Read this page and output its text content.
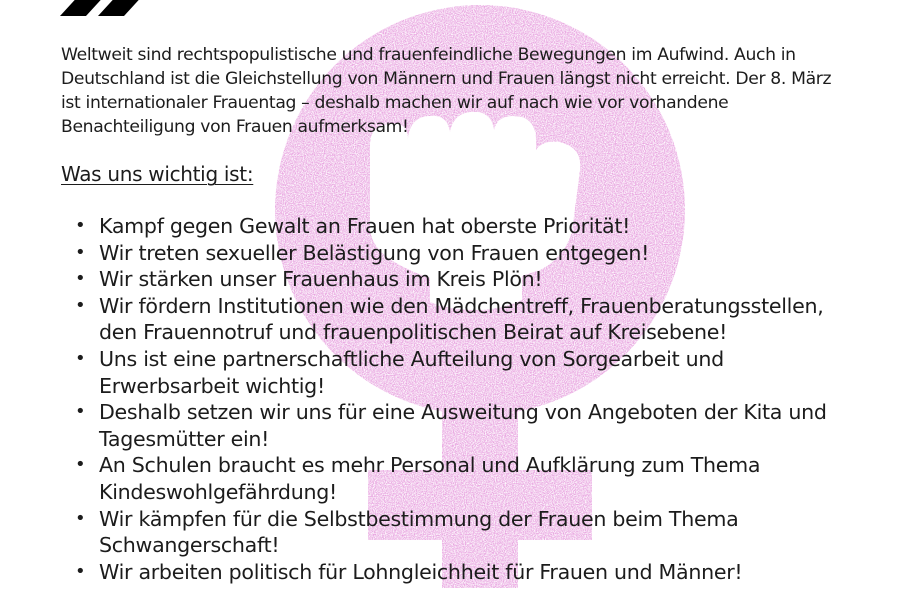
Weltweit sind rechtspopulistische und frauenfeindliche Bewegungen im Aufwind. Auch in Deutschland ist die Gleichstellung von Männern und Frauen längst nicht erreicht. Der 8. März ist internationaler Frauentag – deshalb machen wir auf nach wie vor vorhandene Benachteiligung von Frauen aufmerksam!

Was uns wichtig ist:
• Kampf gegen Gewalt an Frauen hat oberste Priorität!
• Wir treten sexueller Belästigung von Frauen entgegen!
• Wir stärken unser Frauenhaus im Kreis Plön!
• Wir fördern Institutionen wie den Mädchentreff, Frauenberatungsstellen, den Frauennotruf und frauenpolitischen Beirat auf Kreisebene!
• Uns ist eine partnerschaftliche Aufteilung von Sorgearbeit und Erwerbsarbeit wichtig!
• Deshalb setzen wir uns für eine Ausweitung von Angeboten der Kita und Tagesmütter ein!
• An Schulen braucht es mehr Personal und Aufklärung zum Thema Kindeswohlgefährdung!
• Wir kämpfen für die Selbstbestimmung der Frauen beim Thema Schwangerschaft!
• Wir arbeiten politisch für Lohngleichheit für Frauen und Männer!
